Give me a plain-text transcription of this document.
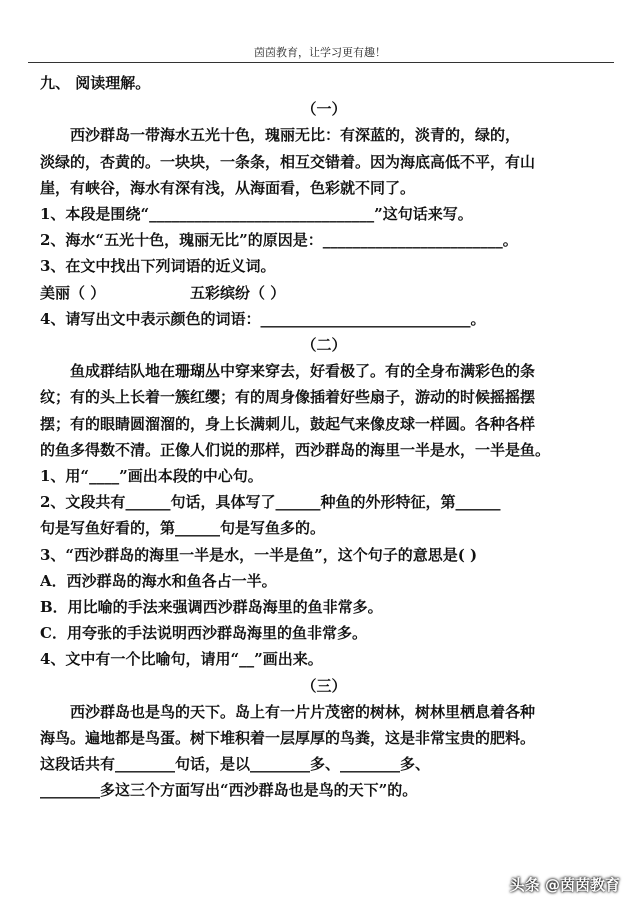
茵茵教育，让学习更有趣！
九、 阅读理解。
（一）
西沙群岛一带海水五光十色，瑰丽无比：有深蓝的，淡青的，绿的，
淡绿的，杏黄的。一块块，一条条，相互交错着。因为海底高低不平，有山
崖，有峡谷，海水有深有浅，从海面看，色彩就不同了。
1、本段是围绕“______________________________”这句话来写。
2、海水“五光十色，瑰丽无比”的原因是：________________________。
3、在文中找出下列词语的近义词。
美丽（ ）	五彩缤纷（ ）
4、请写出文中表示颜色的词语：____________________________。
（二）
鱼成群结队地在珊瑚丛中穿来穿去，好看极了。有的全身布满彩色的条
纹；有的头上长着一簇红缨；有的周身像插着好些扇子，游动的时候摇摇摆
摆；有的眼睛圆溜溜的，身上长满刺儿，鼓起气来像皮球一样圆。各种各样
的鱼多得数不清。正像人们说的那样，西沙群岛的海里一半是水，一半是鱼。
1、用“____”画出本段的中心句。
2、文段共有______句话，具体写了______种鱼的外形特征，第______
句是写鱼好看的，第______句是写鱼多的。
3、“西沙群岛的海里一半是水，一半是鱼”，这个句子的意思是( )
A．西沙群岛的海水和鱼各占一半。
B．用比喻的手法来强调西沙群岛海里的鱼非常多。
C．用夸张的手法说明西沙群岛海里的鱼非常多。
4、文中有一个比喻句，请用“__”画出来。
（三）
西沙群岛也是鸟的天下。岛上有一片片茂密的树林，树林里栖息着各种
海鸟。遍地都是鸟蛋。树下堆积着一层厚厚的鸟粪，这是非常宝贵的肥料。
这段话共有________句话，是以________多、________多、
________多这三个方面写出“西沙群岛也是鸟的天下”的。
头条 @茵茵教育
